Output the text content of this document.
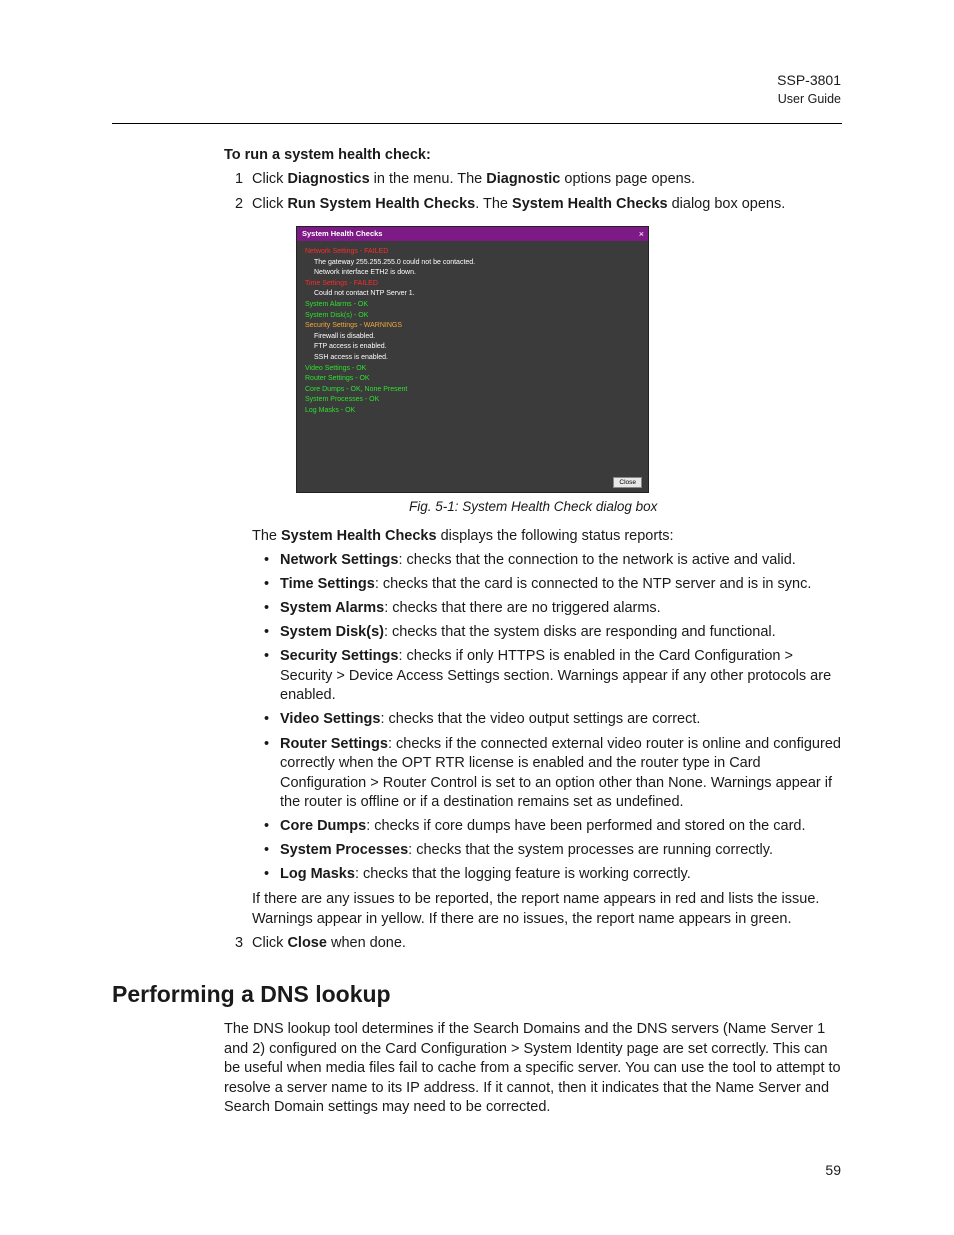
SSP-3801
User Guide
To run a system health check:
1 Click Diagnostics in the menu. The Diagnostic options page opens.
2 Click Run System Health Checks. The System Health Checks dialog box opens.
System Health Checks	×
Network Settings - FAILED
The gateway 255.255.255.0 could not be contacted.
Network interface ETH2 is down.
Time Settings - FAILED
Could not contact NTP Server 1.
System Alarms - OK
System Disk(s) - OK
Security Settings - WARNINGS
Firewall is disabled.
FTP access is enabled.
SSH access is enabled.
Video Settings - OK
Router Settings - OK
Core Dumps - OK, None Present
System Processes - OK
Log Masks - OK
Close
Fig. 5-1: System Health Check dialog box
The System Health Checks displays the following status reports:
• Network Settings: checks that the connection to the network is active and valid.
• Time Settings: checks that the card is connected to the NTP server and is in sync.
• System Alarms: checks that there are no triggered alarms.
• System Disk(s): checks that the system disks are responding and functional.
• Security Settings: checks if only HTTPS is enabled in the Card Configuration > Security > Device Access Settings section. Warnings appear if any other protocols are enabled.
• Video Settings: checks that the video output settings are correct.
• Router Settings: checks if the connected external video router is online and configured correctly when the OPT RTR license is enabled and the router type in Card Configuration > Router Control is set to an option other than None. Warnings appear if the router is offline or if a destination remains set as undefined.
• Core Dumps: checks if core dumps have been performed and stored on the card.
• System Processes: checks that the system processes are running correctly.
• Log Masks: checks that the logging feature is working correctly.
If there are any issues to be reported, the report name appears in red and lists the issue. Warnings appear in yellow. If there are no issues, the report name appears in green.
3 Click Close when done.
Performing a DNS lookup
The DNS lookup tool determines if the Search Domains and the DNS servers (Name Server 1 and 2) configured on the Card Configuration > System Identity page are set correctly. This can be useful when media files fail to cache from a specific server. You can use the tool to attempt to resolve a server name to its IP address. If it cannot, then it indicates that the Name Server and Search Domain settings may need to be corrected.
59
